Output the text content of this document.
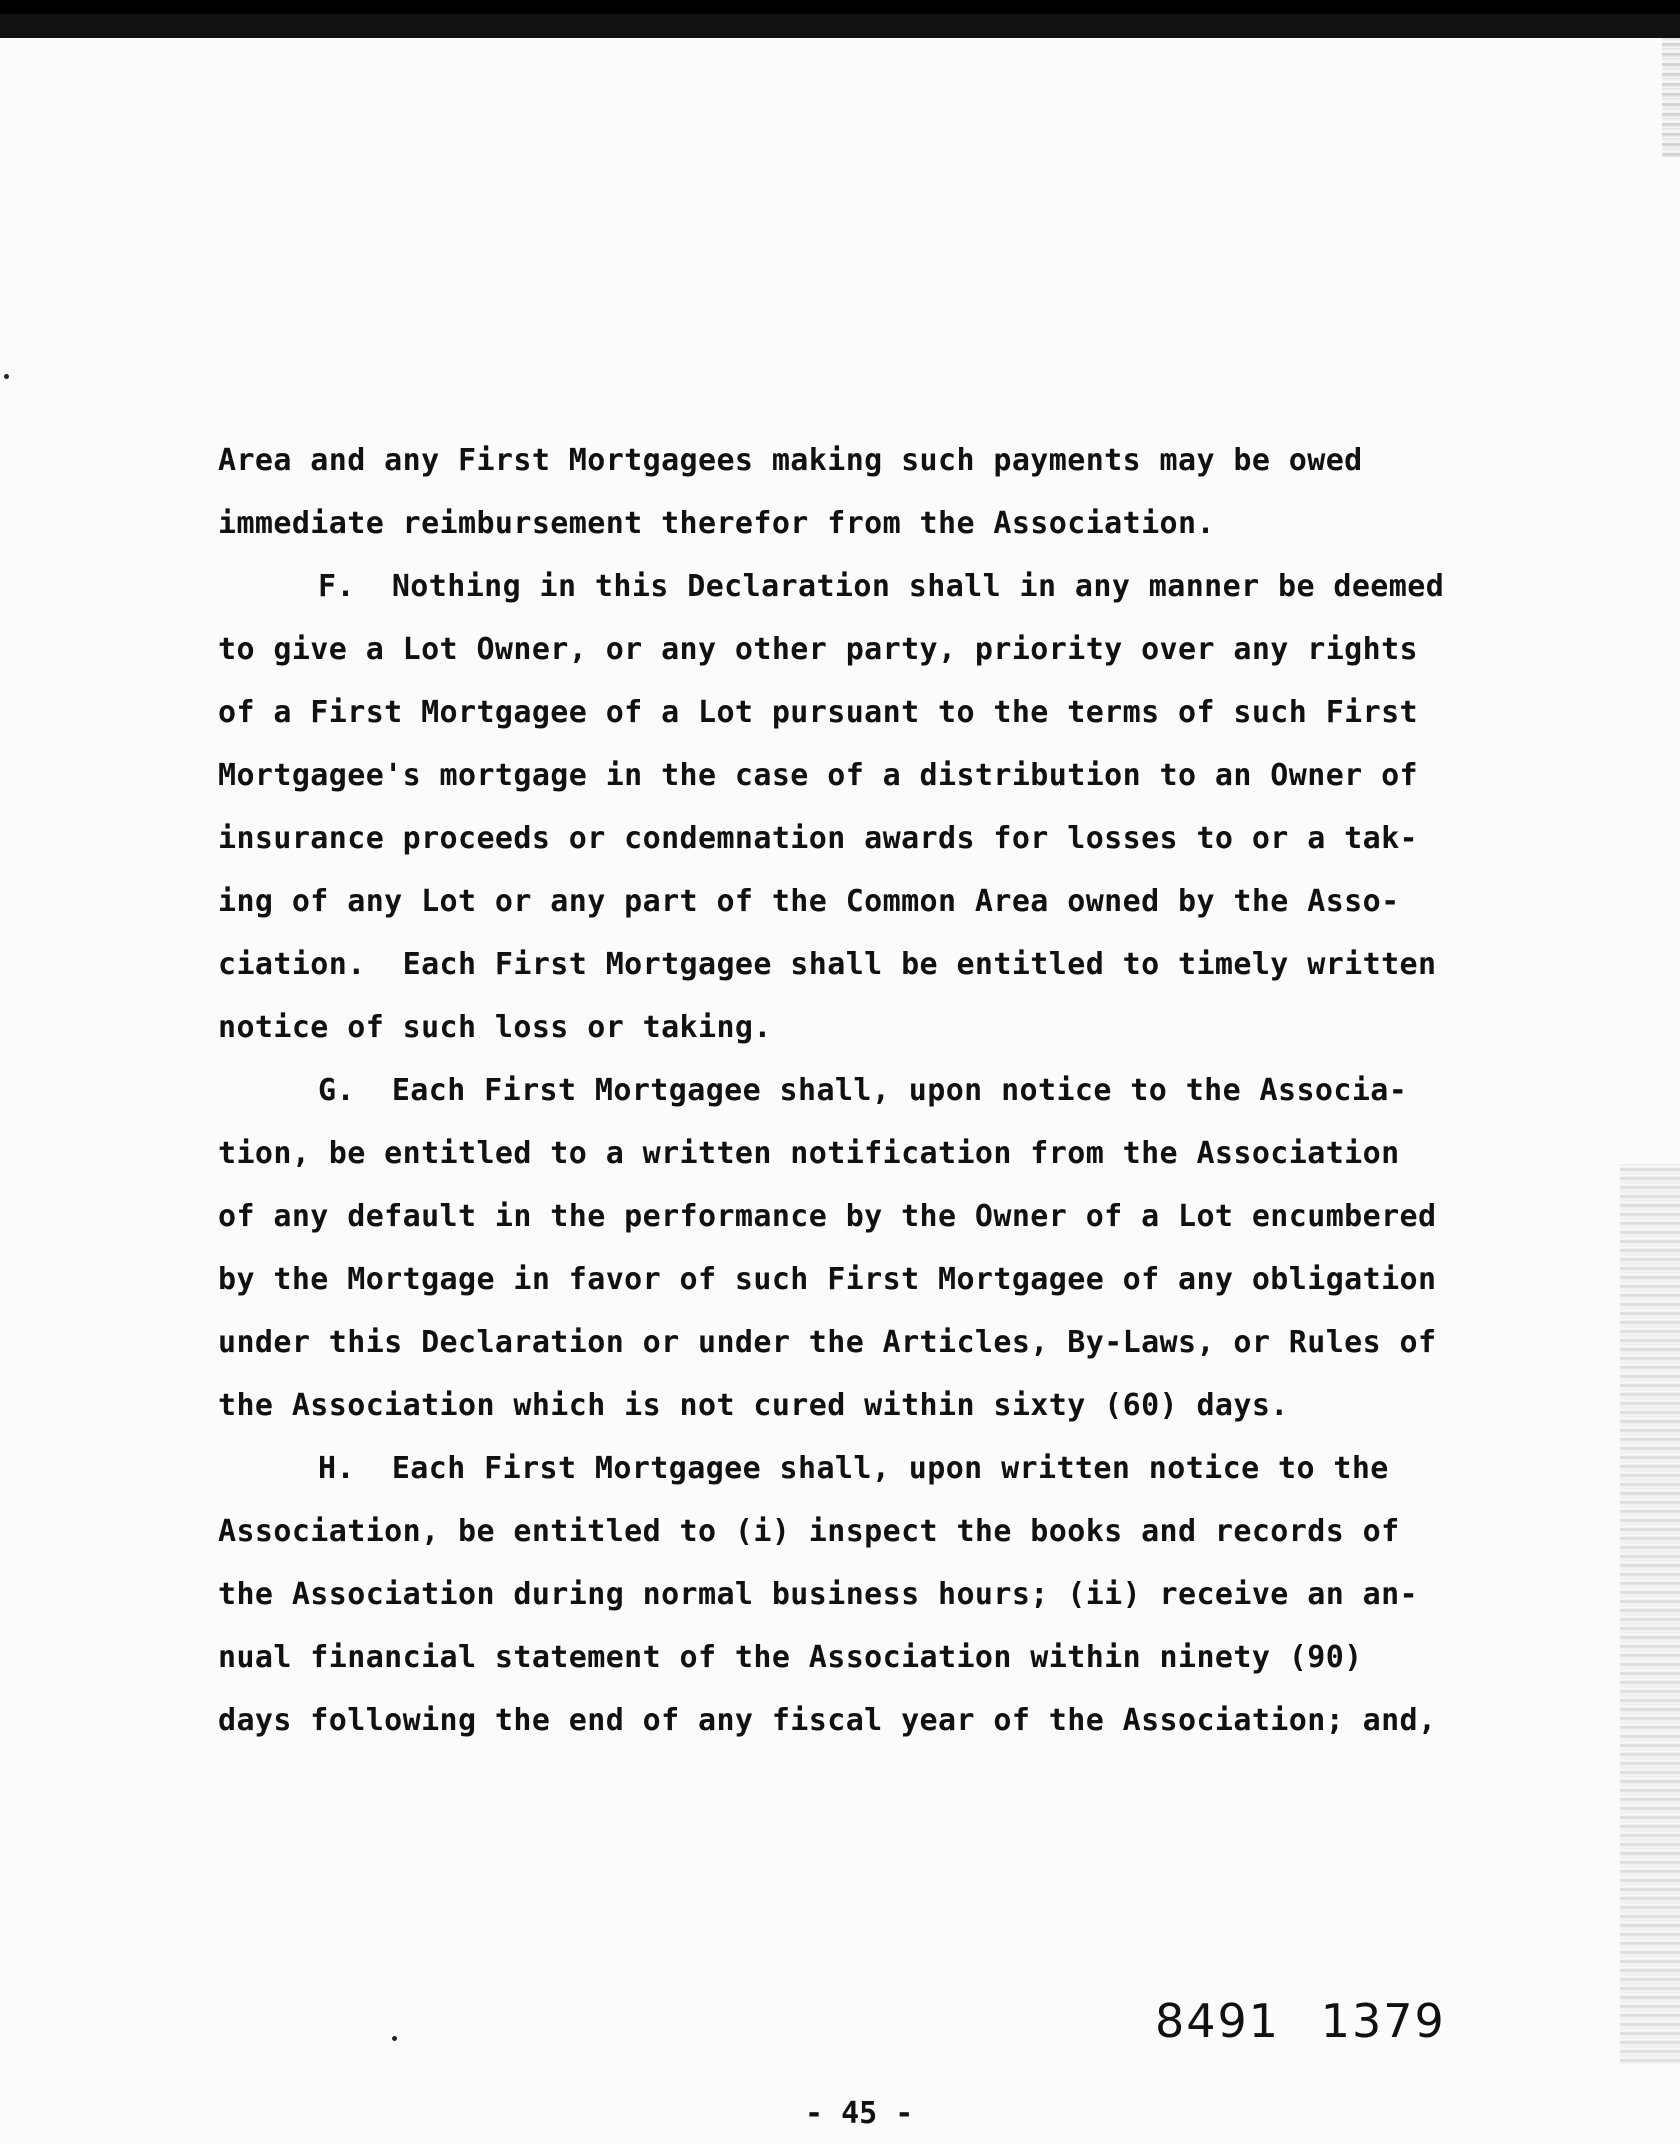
Area and any First Mortgagees making such payments may be owed
immediate reimbursement therefor from the Association.
F.  Nothing in this Declaration shall in any manner be deemed
to give a Lot Owner, or any other party, priority over any rights
of a First Mortgagee of a Lot pursuant to the terms of such First
Mortgagee's mortgage in the case of a distribution to an Owner of
insurance proceeds or condemnation awards for losses to or a tak-
ing of any Lot or any part of the Common Area owned by the Asso-
ciation.  Each First Mortgagee shall be entitled to timely written
notice of such loss or taking.
G.  Each First Mortgagee shall, upon notice to the Associa-
tion, be entitled to a written notification from the Association
of any default in the performance by the Owner of a Lot encumbered
by the Mortgage in favor of such First Mortgagee of any obligation
under this Declaration or under the Articles, By-Laws, or Rules of
the Association which is not cured within sixty (60) days.
H.  Each First Mortgagee shall, upon written notice to the
Association, be entitled to (i) inspect the books and records of
the Association during normal business hours; (ii) receive an an-
nual financial statement of the Association within ninety (90)
days following the end of any fiscal year of the Association; and,
8491 1379
- 45 -
